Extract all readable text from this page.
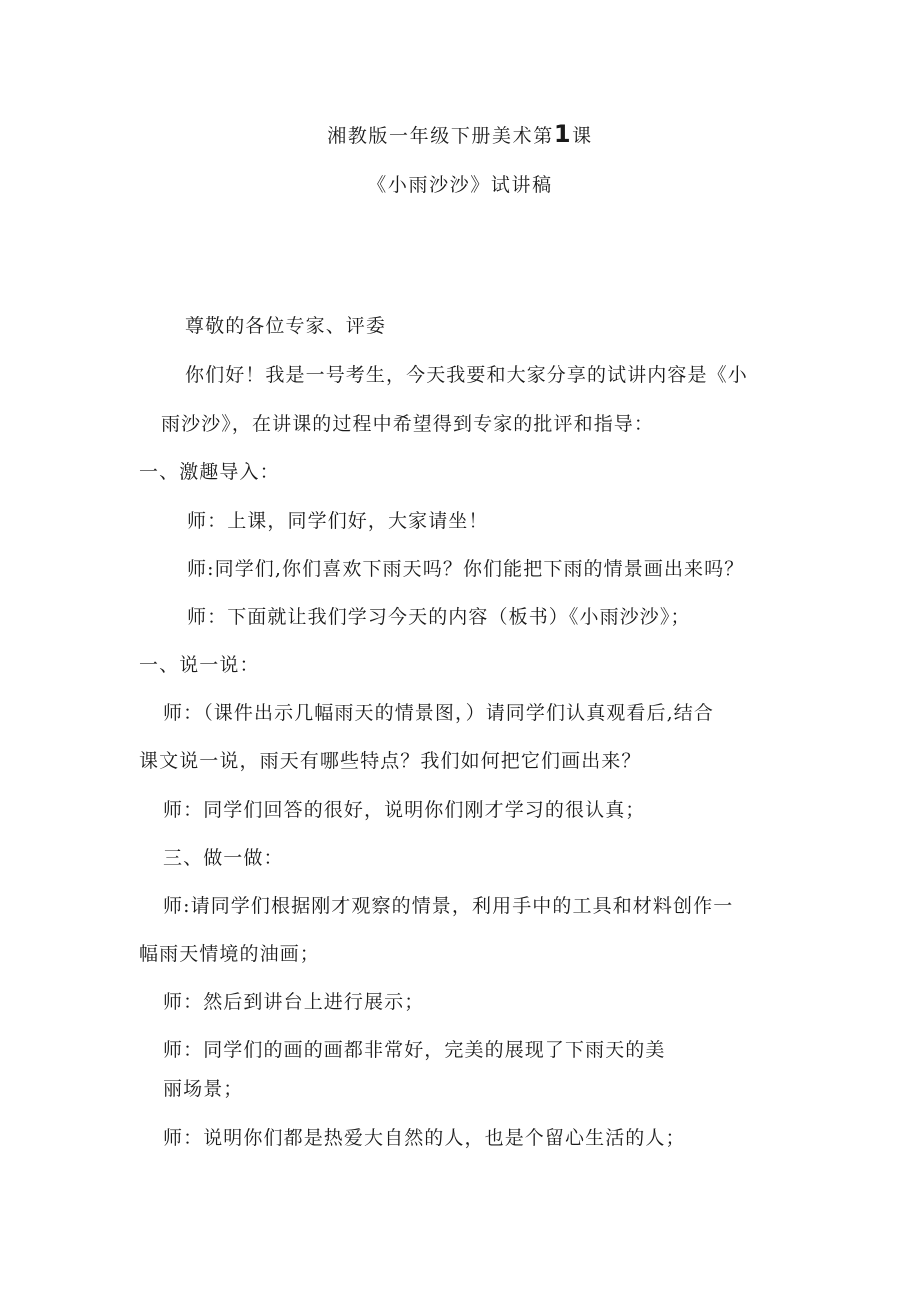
湘教版一年级下册美术第1课
《小雨沙沙》试讲稿
尊敬的各位专家、评委
你们好！我是一号考生，今天我要和大家分享的试讲内容是《小
雨沙沙》，在讲课的过程中希望得到专家的批评和指导：
一、激趣导入：
师：上课，同学们好，大家请坐！
师:同学们,你们喜欢下雨天吗？你们能把下雨的情景画出来吗？
师：下面就让我们学习今天的内容（板书）《小雨沙沙》；
一、说一说：
师：（课件出示几幅雨天的情景图，）请同学们认真观看后,结合
课文说一说，雨天有哪些特点？我们如何把它们画出来？
师：同学们回答的很好，说明你们刚才学习的很认真；
三、做一做：
师:请同学们根据刚才观察的情景，利用手中的工具和材料创作一
幅雨天情境的油画；
师：然后到讲台上进行展示；
师：同学们的画的画都非常好，完美的展现了下雨天的美
丽场景；
师：说明你们都是热爱大自然的人，也是个留心生活的人；
